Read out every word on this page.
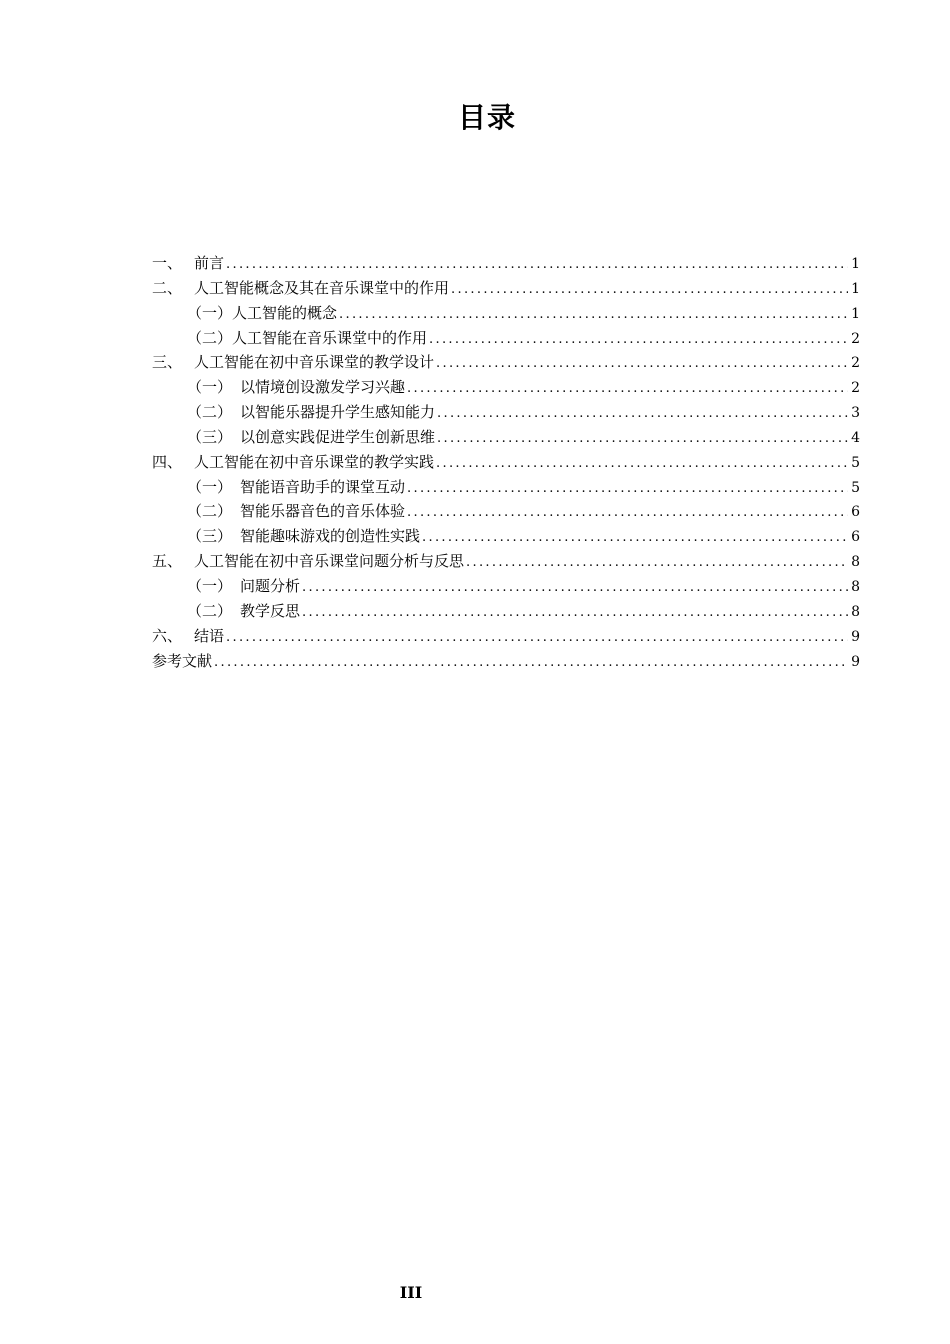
目录
一、 前言 . . .	1
二、 人工智能概念及其在音乐课堂中的作用 . . .	1
（一） 人工智能的概念 . . .	1
（二） 人工智能在音乐课堂中的作用 . . .	2
三、 人工智能在初中音乐课堂的教学设计 . . .	2
（一） 以情境创设激发学习兴趣 . . .	2
（二） 以智能乐器提升学生感知能力 . . .	3
（三） 以创意实践促进学生创新思维 . . .	4
四、 人工智能在初中音乐课堂的教学实践 . . .	5
（一） 智能语音助手的课堂互动 . . .	5
（二） 智能乐器音色的音乐体验 . . .	6
（三） 智能趣味游戏的创造性实践 . . .	6
五、 人工智能在初中音乐课堂问题分析与反思 . . .	8
（一） 问题分析 . . .	8
（二） 教学反思 . . .	8
六、 结语 . . .	9
参考文献 . . .	9
III
